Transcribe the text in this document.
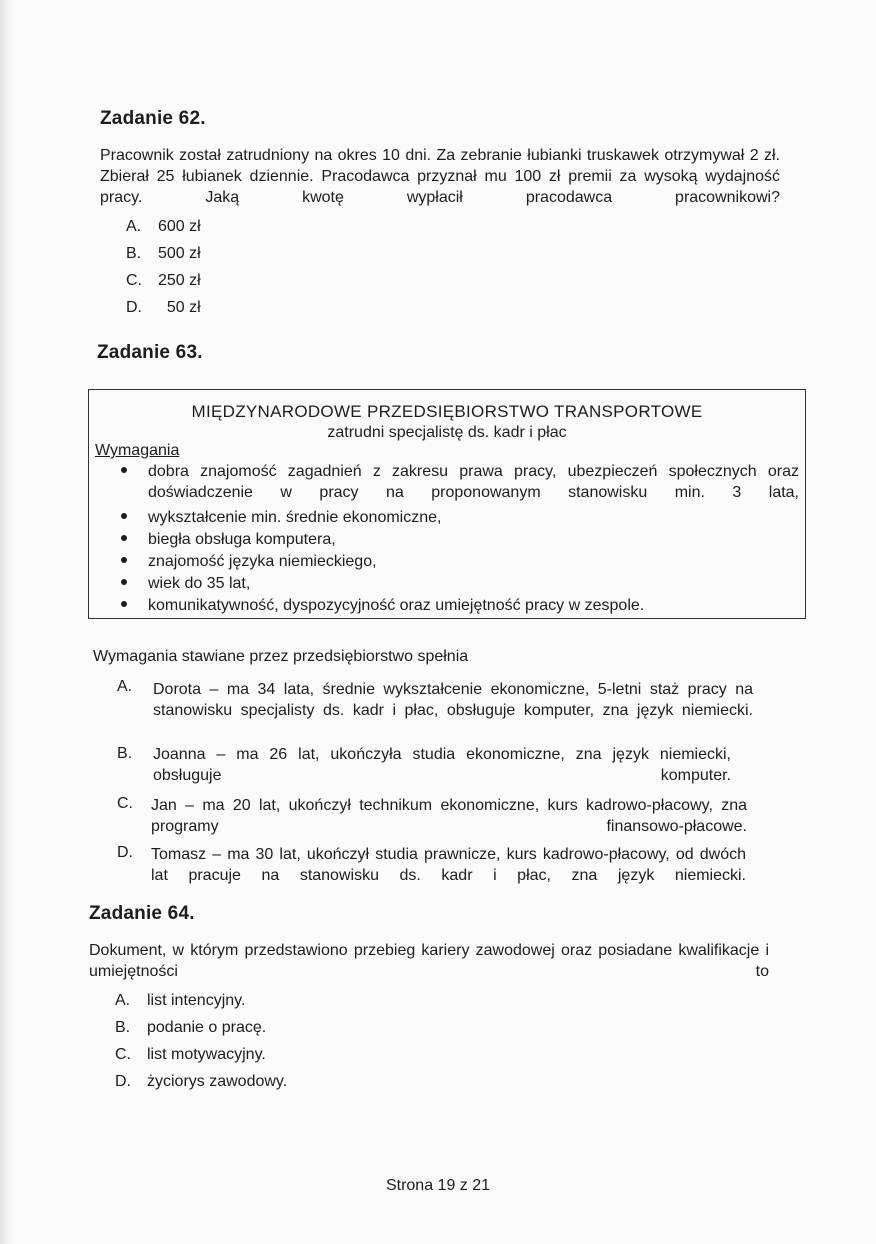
Zadanie 62.
Pracownik został zatrudniony na okres 10 dni. Za zebranie łubianki truskawek otrzymywał 2 zł. Zbierał 25 łubianek dziennie. Pracodawca przyznał mu 100 zł premii za wysoką wydajność pracy. Jaką kwotę wypłacił pracodawca pracownikowi?
A. 600 zł
B. 500 zł
C. 250 zł
D.  50 zł
Zadanie 63.
MIĘDZYNARODOWE PRZEDSIĘBIORSTWO TRANSPORTOWE
zatrudni specjalistę ds. kadr i płac
Wymagania
dobra znajomość zagadnień z zakresu prawa pracy, ubezpieczeń społecznych oraz doświadczenie w pracy na proponowanym stanowisku min. 3 lata,
wykształcenie min. średnie ekonomiczne,
biegła obsługa komputera,
znajomość języka niemieckiego,
wiek do 35 lat,
komunikatywność, dyspozycyjność oraz umiejętność pracy w zespole.
Wymagania stawiane przez przedsiębiorstwo spełnia
A. Dorota – ma 34 lata, średnie wykształcenie ekonomiczne, 5-letni staż pracy na stanowisku specjalisty ds. kadr i płac, obsługuje komputer, zna język niemiecki.
B. Joanna – ma 26 lat, ukończyła studia ekonomiczne, zna język niemiecki, obsługuje komputer.
C. Jan – ma 20 lat, ukończył technikum ekonomiczne, kurs kadrowo-płacowy, zna programy finansowo-płacowe.
D. Tomasz – ma 30 lat, ukończył studia prawnicze, kurs kadrowo-płacowy, od dwóch lat pracuje na stanowisku ds. kadr i płac, zna język niemiecki.
Zadanie 64.
Dokument, w którym przedstawiono przebieg kariery zawodowej oraz posiadane kwalifikacje i umiejętności to
A. list intencyjny.
B. podanie o pracę.
C. list motywacyjny.
D. życiorys zawodowy.
Strona 19 z 21
